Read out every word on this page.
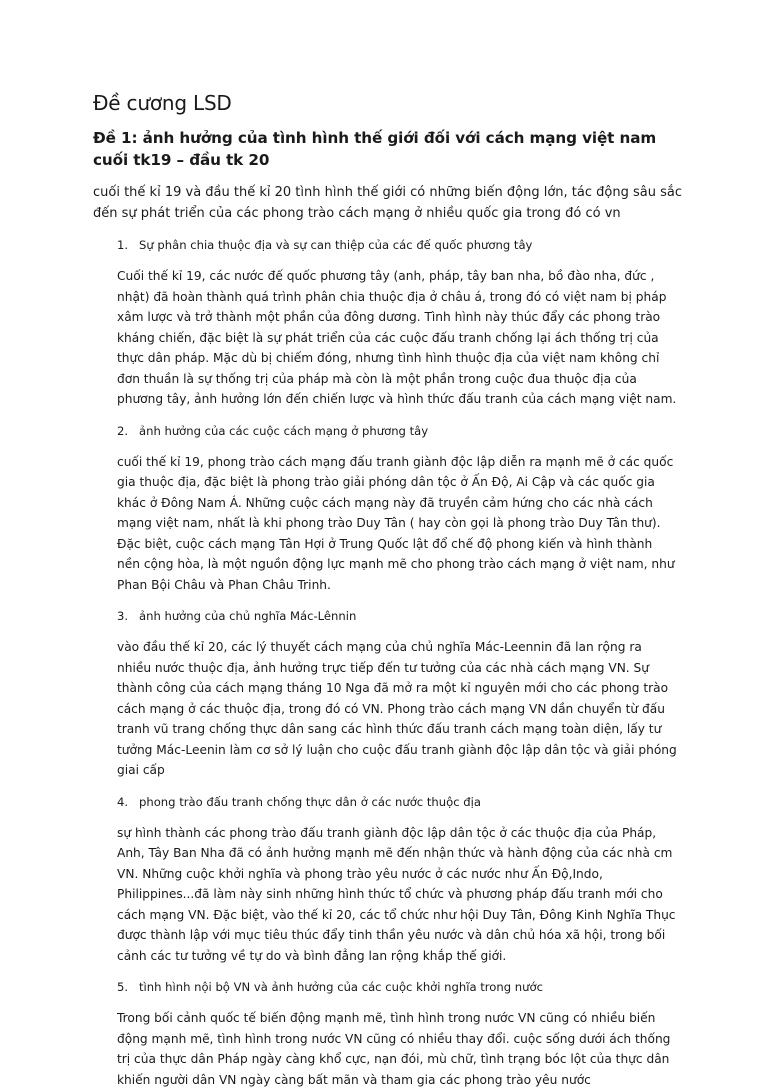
Đề cương LSD
Đề 1: ảnh hưởng của tình hình thế giới đối với cách mạng việt nam cuối tk19 – đầu tk 20

cuối thế kỉ 19 và đầu thế kỉ 20 tình hình thế giới có những biến động lớn, tác động sâu sắc đến sự phát triển của các phong trào cách mạng ở nhiều quốc gia trong đó có vn

1. Sự phân chia thuộc địa và sự can thiệp của các đế quốc phương tây

Cuối thế kỉ 19, các nước đế quốc phương tây (anh, pháp, tây ban nha, bồ đào nha, đức , nhật) đã hoàn thành quá trình phân chia thuộc địa ở châu á, trong đó có việt nam bị pháp xâm lược và trở thành một phần của đông dương. Tình hình này thúc đẩy các phong trào kháng chiến, đặc biệt là sự phát triển của các cuộc đấu tranh chống lại ách thống trị của thực dân pháp. Mặc dù bị chiếm đóng, nhưng tình hình thuộc địa của việt nam không chỉ đơn thuần là sự thống trị của pháp mà còn là một phần trong cuộc đua thuộc địa của phương tây, ảnh hưởng lớn đến chiến lược và hình thức đấu tranh của cách mạng việt nam.

2. ảnh hưởng của các cuộc cách mạng ở phương tây

cuối thế kỉ 19, phong trào cách mạng đấu tranh giành độc lập diễn ra mạnh mẽ ở các quốc gia thuộc địa, đặc biệt là phong trào giải phóng dân tộc ở Ấn Độ, Ai Cập và các quốc gia khác ở Đông Nam Á. Những cuộc cách mạng này đã truyền cảm hứng cho các nhà cách mạng việt nam, nhất là khi phong trào Duy Tân ( hay còn gọi là phong trào Duy Tân thư). Đặc biệt, cuộc cách mạng Tân Hợi ở Trung Quốc lật đổ chế độ phong kiến và hình thành nền cộng hòa, là một nguồn động lực mạnh mẽ cho phong trào cách mạng ở việt nam, như Phan Bội Châu và Phan Châu Trinh.

3. ảnh hưởng của chủ nghĩa Mác-Lênnin

vào đầu thế kỉ 20, các lý thuyết cách mạng của chủ nghĩa Mác-Leennin đã lan rộng ra nhiều nước thuộc địa, ảnh hưởng trực tiếp đến tư tưởng của các nhà cách mạng VN. Sự thành công của cách mạng tháng 10 Nga đã mở ra một kỉ nguyên mới cho các phong trào cách mạng ở các thuộc địa, trong đó có VN. Phong trào cách mạng VN dần chuyển từ đấu tranh vũ trang chống thực dân sang các hình thức đấu tranh cách mạng toàn diện, lấy tư tưởng Mác-Leenin làm cơ sở lý luận cho cuộc đấu tranh giành độc lập dân tộc và giải phóng giai cấp

4. phong trào đấu tranh chống thực dân ở các nước thuộc địa

sự hình thành các phong trào đấu tranh giành độc lập dân tộc ở các thuộc địa của Pháp, Anh, Tây Ban Nha đã có ảnh hưởng mạnh mẽ đến nhận thức và hành động của các nhà cm VN. Những cuộc khởi nghĩa và phong trào yêu nước ở các nước như Ấn Độ,Indo, Philippines...đã làm này sinh những hình thức tổ chức và phương pháp đấu tranh mới cho cách mạng VN. Đặc biệt, vào thế kỉ 20, các tổ chức như hội Duy Tân, Đông Kinh Nghĩa Thục được thành lập với mục tiêu thúc đẩy tinh thần yêu nước và dân chủ hóa xã hội, trong bối cảnh các tư tưởng về tự do và bình đẳng lan rộng khắp thế giới.

5. tình hình nội bộ VN và ảnh hưởng của các cuộc khởi nghĩa trong nước

Trong bối cảnh quốc tế biến động mạnh mẽ, tình hình trong nước VN cũng có nhiều biến động mạnh mẽ, tình hình trong nước VN cũng có nhiều thay đổi. cuộc sống dưới ách thống trị của thực dân Pháp ngày càng khổ cực, nạn đói, mù chữ, tình trạng bóc lột của thực dân khiến người dân VN ngày càng bất mãn và tham gia các phong trào yêu nước
